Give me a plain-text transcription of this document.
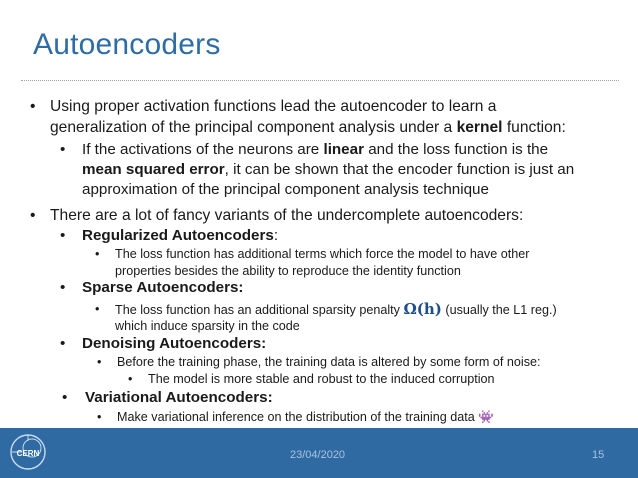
Autoencoders
• Using proper activation functions lead the autoencoder to learn a
generalization of the principal component analysis under a kernel function:
• If the activations of the neurons are linear and the loss function is the
mean squared error, it can be shown that the encoder function is just an
approximation of the principal component analysis technique
• There are a lot of fancy variants of the undercomplete autoencoders:
• Regularized Autoencoders:
• The loss function has additional terms which force the model to have other
properties besides the ability to reproduce the identity function
• Sparse Autoencoders:
• The loss function has an additional sparsity penalty Ω(h) (usually the L1 reg.)
which induce sparsity in the code
• Denoising Autoencoders:
• Before the training phase, the training data is altered by some form of noise:
• The model is more stable and robust to the induced corruption
• Variational Autoencoders:
• Make variational inference on the distribution of the training data 👾
CERN	23/04/2020	15
